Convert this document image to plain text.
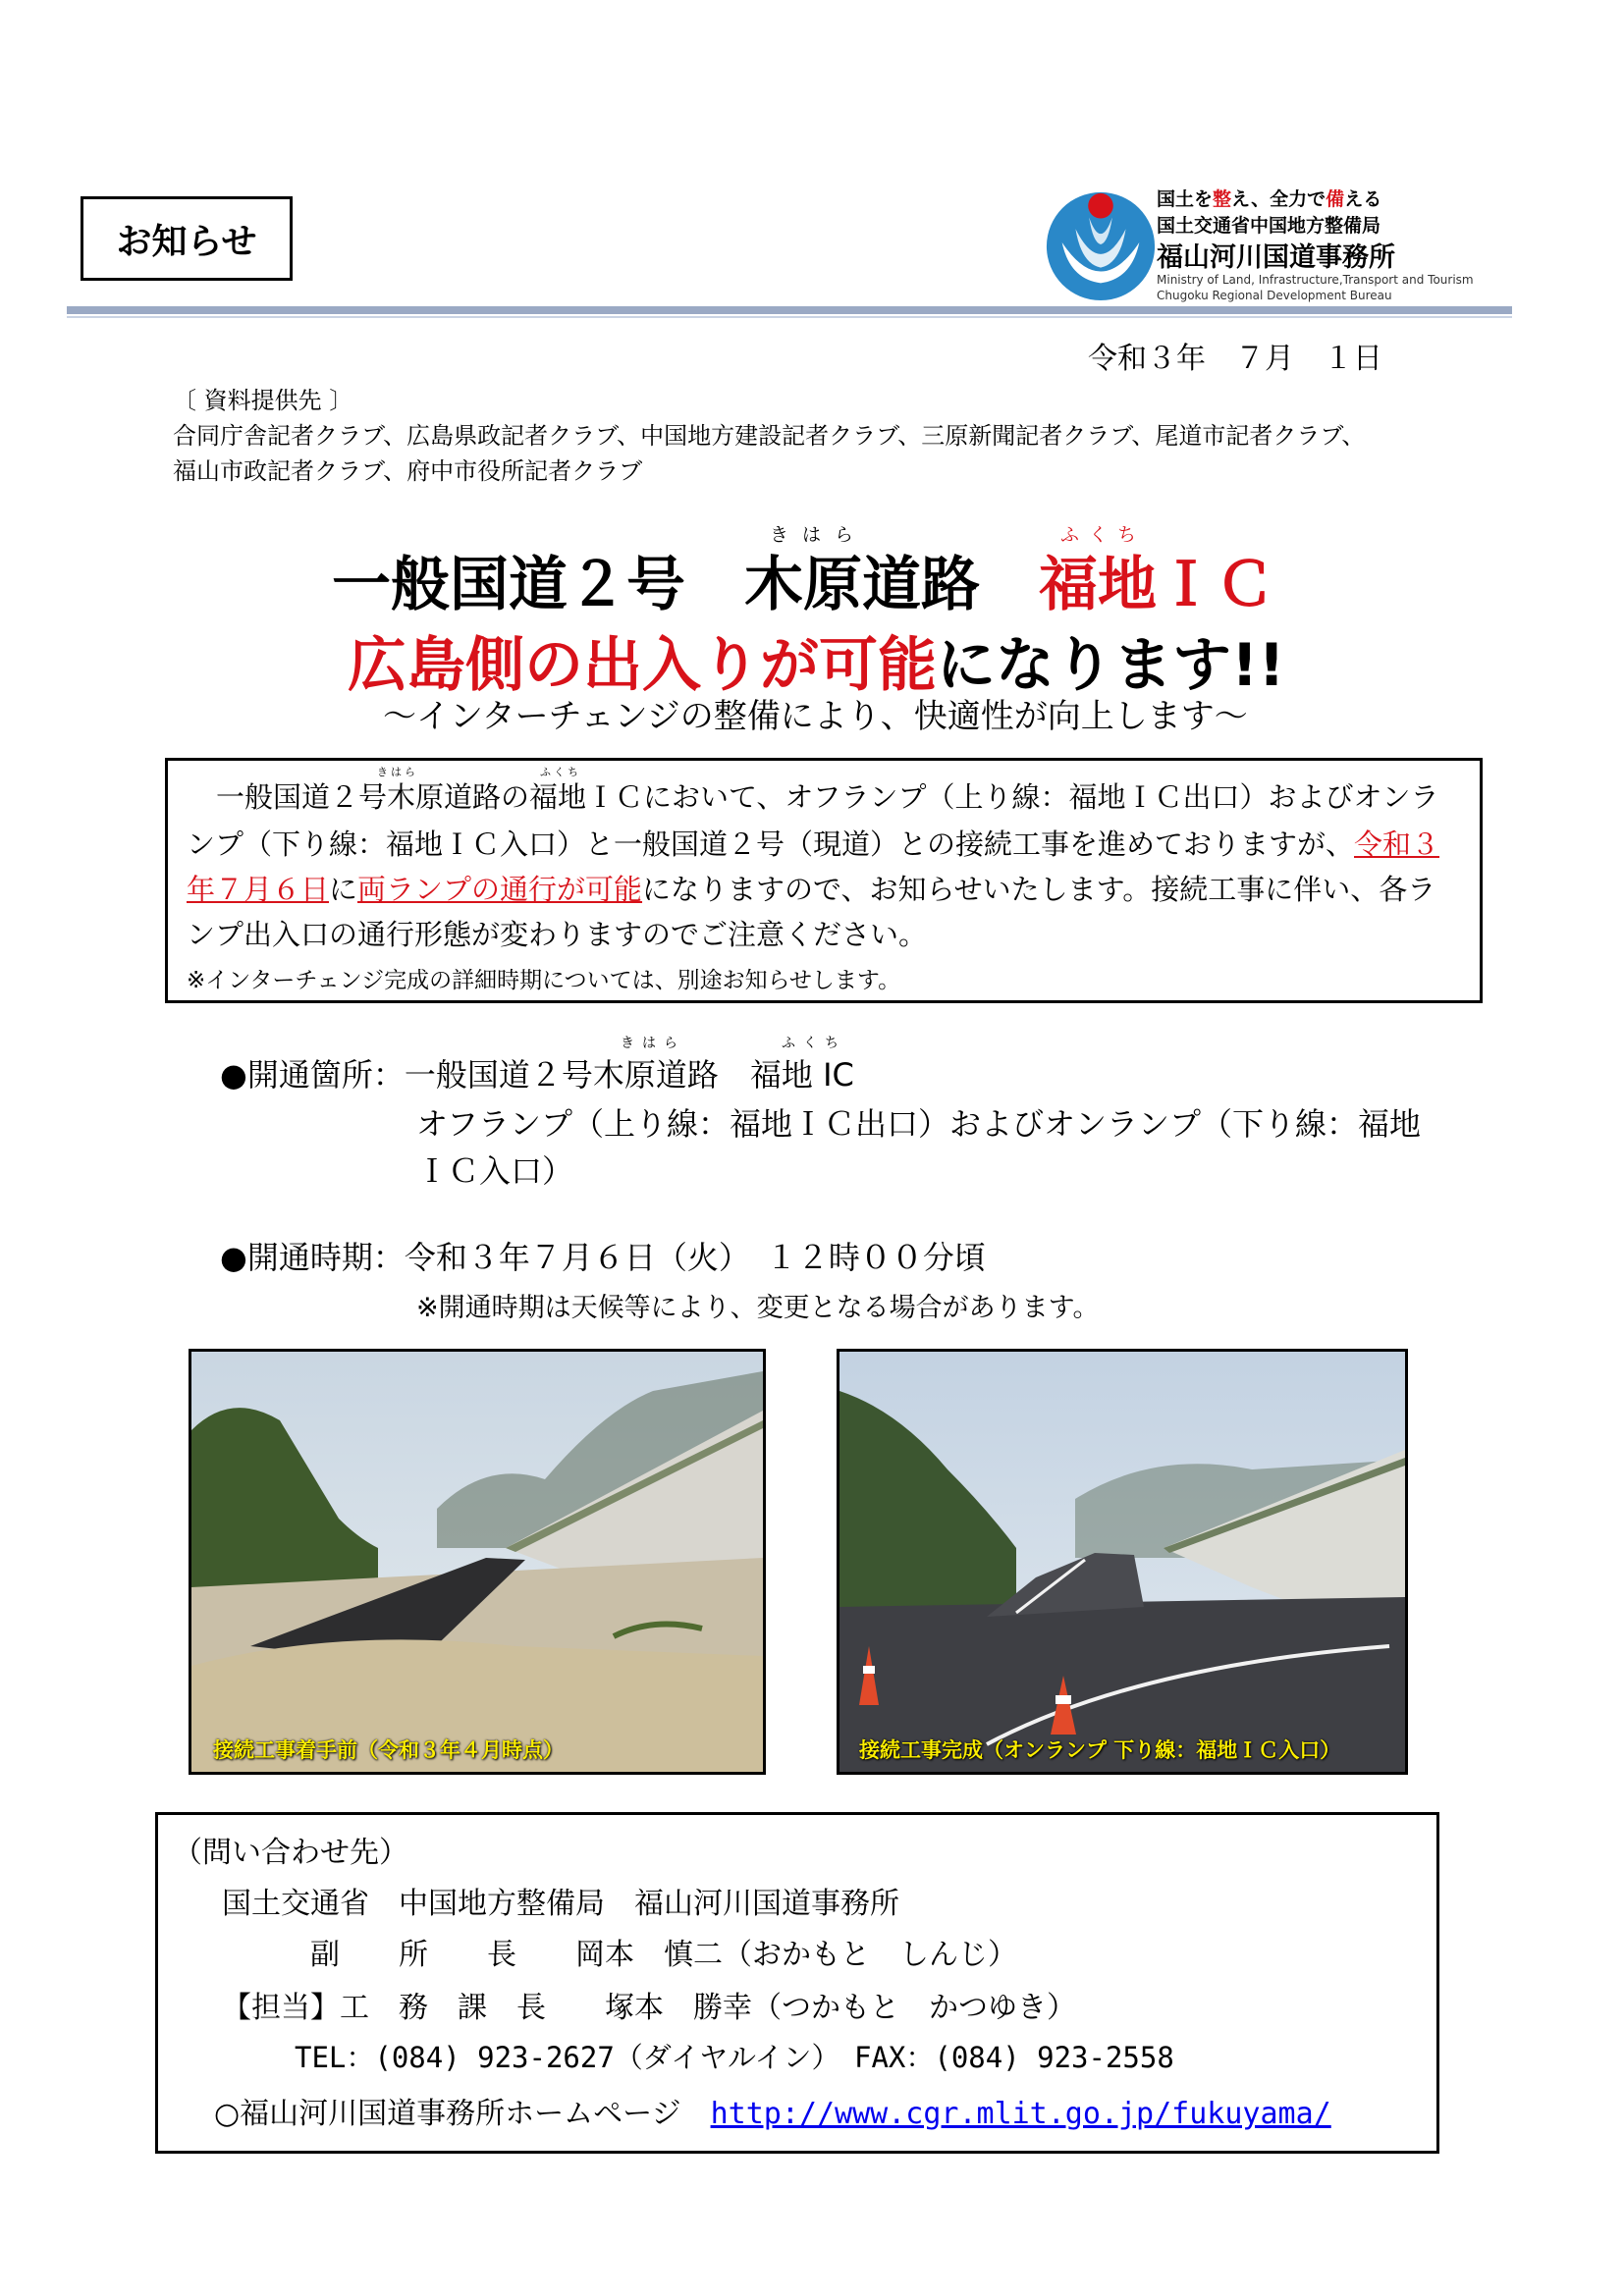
お知らせ
国土を整え、全力で備える
国土交通省中国地方整備局
福山河川国道事務所
Ministry of Land, Infrastructure,Transport and Tourism
Chugoku Regional Development Bureau
令和３年　７月　１日
〔 資料提供先 〕
合同庁舎記者クラブ、広島県政記者クラブ、中国地方建設記者クラブ、三原新聞記者クラブ、尾道市記者クラブ、
福山市政記者クラブ、府中市役所記者クラブ
きはら	ふくち
一般国道２号　木原道路　福地ＩＣ
広島側の出入りが可能になります!!
～インターチェンジの整備により、快適性が向上します～
きはら	ふくち
一般国道２号木原道路の福地ＩＣにおいて、オフランプ（上り線：福地ＩＣ出口）およびオンラ
ンプ（下り線：福地ＩＣ入口）と一般国道２号（現道）との接続工事を進めておりますが、令和３
年７月６日に両ランプの通行が可能になりますので、お知らせいたします。接続工事に伴い、各ラ
ンプ出入口の通行形態が変わりますのでご注意ください。
※インターチェンジ完成の詳細時期については、別途お知らせします。
きはら	ふくち
●開通箇所：一般国道２号木原道路　福地 IC
オフランプ（上り線：福地ＩＣ出口）およびオンランプ（下り線：福地
ＩＣ入口）
●開通時期：令和３年７月６日（火）　１２時００分頃
※開通時期は天候等により、変更となる場合があります。
接続工事着手前（令和３年４月時点）	接続工事完成（オンランプ 下り線：福地ＩＣ入口）
（問い合わせ先）
国土交通省　中国地方整備局　福山河川国道事務所
　　　副　　所　　長　　岡本　慎二（おかもと　しんじ）
【担当】工　務　課　長　　塚本　勝幸（つかもと　かつゆき）
TEL：(084) 923-2627（ダイヤルイン）　FAX：(084) 923-2558
○福山河川国道事務所ホームページ　http://www.cgr.mlit.go.jp/fukuyama/
